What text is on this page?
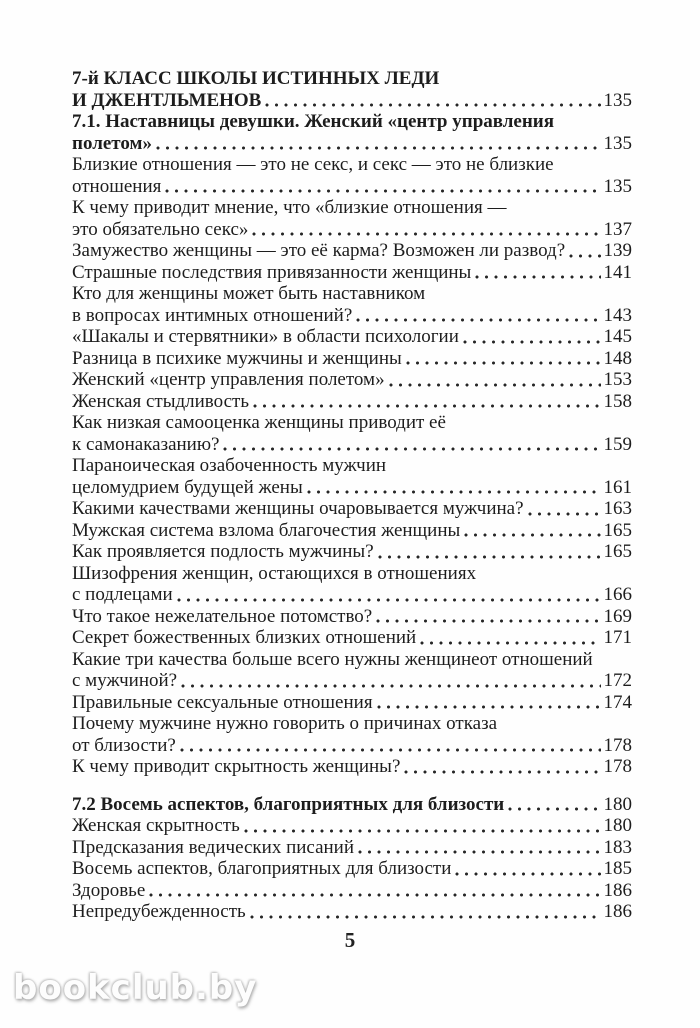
7-й КЛАСС ШКОЛЫ ИСТИННЫХ ЛЕДИ
И ДЖЕНТЛЬМЕНОВ	135
7.1. Наставницы девушки. Женский «центр управления
полетом»	135
Близкие отношения — это не секс, и секс — это не близкие
отношения	135
К чему приводит мнение, что «близкие отношения —
это обязательно секс»	137
Замужество женщины — это её карма? Возможен ли развод? 139
Страшные последствия привязанности женщины	141
Кто для женщины может быть наставником
в вопросах интимных отношений?	143
«Шакалы и стервятники» в области психологии	145
Разница в психике мужчины и женщины	148
Женский «центр управления полетом»	153
Женская стыдливость	158
Как низкая самооценка женщины приводит её
к самонаказанию?	159
Параноическая озабоченность мужчин
целомудрием будущей жены	161
Какими качествами женщины очаровывается мужчина?	163
Мужская система взлома благочестия женщины	165
Как проявляется подлость мужчины?	165
Шизофрения женщин, остающихся в отношениях
с подлецами	166
Что такое нежелательное потомство?	169
Секрет божественных близких отношений	171
Какие три качества больше всего нужны женщинеот отношений
с мужчиной?	172
Правильные сексуальные отношения	174
Почему мужчине нужно говорить о причинах отказа
от близости?	178
К чему приводит скрытность женщины?	178
7.2 Восемь аспектов, благоприятных для близости	180
Женская скрытность	180
Предсказания ведических писаний	183
Восемь аспектов, благоприятных для близости	185
Здоровье	186
Непредубежденность	186
5
bookclub.by
